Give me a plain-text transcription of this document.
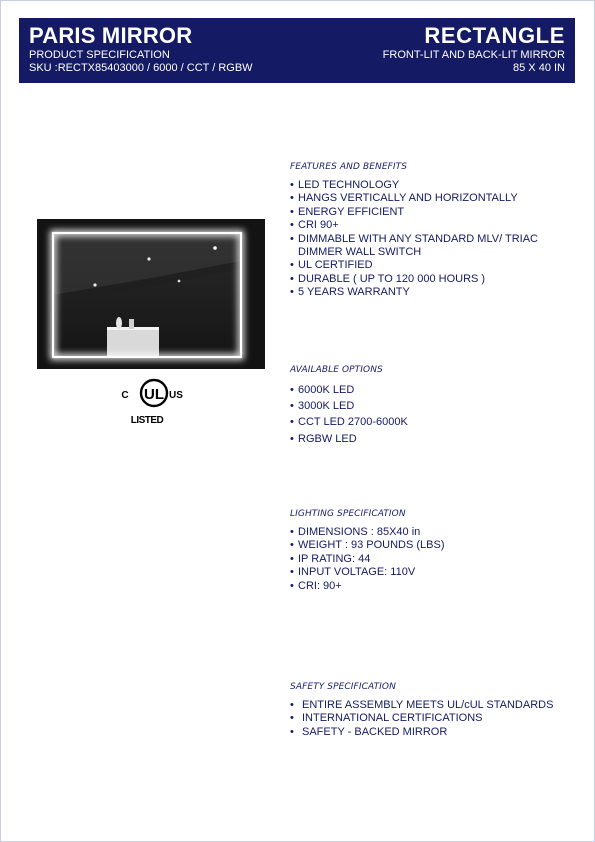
PARIS MIRROR
PRODUCT SPECIFICATION
SKU :RECTX85403000 / 6000 / CCT / RGBW
RECTANGLE
FRONT-LIT AND BACK-LIT MIRROR
85 X 40 IN
UL
C	US
LISTED
FEATURES AND BENEFITS
• LED TECHNOLOGY
• HANGS VERTICALLY AND HORIZONTALLY
• ENERGY EFFICIENT
• CRI 90+
• DIMMABLE WITH ANY STANDARD MLV/ TRIAC DIMMER WALL SWITCH
• UL CERTIFIED
• DURABLE ( UP TO 120 000 HOURS )
• 5 YEARS WARRANTY
AVAILABLE OPTIONS
• 6000K LED
• 3000K LED
• CCT LED 2700-6000K
• RGBW LED
LIGHTING SPECIFICATION
• DIMENSIONS : 85X40 in
• WEIGHT : 93 POUNDS (LBS)
• IP RATING: 44
• INPUT VOLTAGE: 110V
• CRI: 90+
SAFETY SPECIFICATION
• ENTIRE ASSEMBLY MEETS UL/cUL STANDARDS
• INTERNATIONAL CERTIFICATIONS
• SAFETY - BACKED MIRROR
